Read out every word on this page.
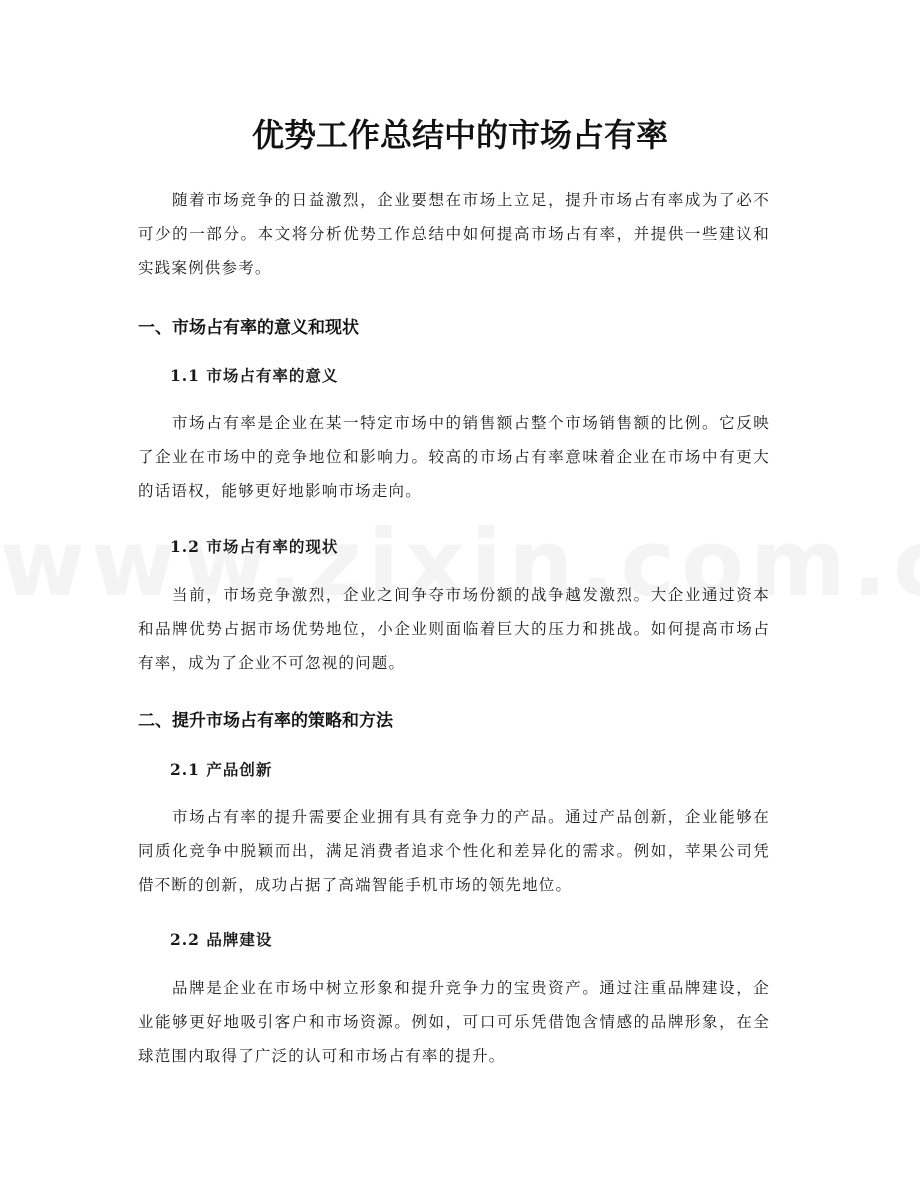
优势工作总结中的市场占有率

随着市场竞争的日益激烈，企业要想在市场上立足，提升市场占有率成为了必不可少的一部分。本文将分析优势工作总结中如何提高市场占有率，并提供一些建议和实践案例供参考。

一、市场占有率的意义和现状
1.1 市场占有率的意义

市场占有率是企业在某一特定市场中的销售额占整个市场销售额的比例。它反映了企业在市场中的竞争地位和影响力。较高的市场占有率意味着企业在市场中有更大的话语权，能够更好地影响市场走向。

1.2 市场占有率的现状

当前，市场竞争激烈，企业之间争夺市场份额的战争越发激烈。大企业通过资本和品牌优势占据市场优势地位，小企业则面临着巨大的压力和挑战。如何提高市场占有率，成为了企业不可忽视的问题。

二、提升市场占有率的策略和方法
2.1 产品创新

市场占有率的提升需要企业拥有具有竞争力的产品。通过产品创新，企业能够在同质化竞争中脱颖而出，满足消费者追求个性化和差异化的需求。例如，苹果公司凭借不断的创新，成功占据了高端智能手机市场的领先地位。

2.2 品牌建设

品牌是企业在市场中树立形象和提升竞争力的宝贵资产。通过注重品牌建设，企业能够更好地吸引客户和市场资源。例如，可口可乐凭借饱含情感的品牌形象，在全球范围内取得了广泛的认可和市场占有率的提升。
